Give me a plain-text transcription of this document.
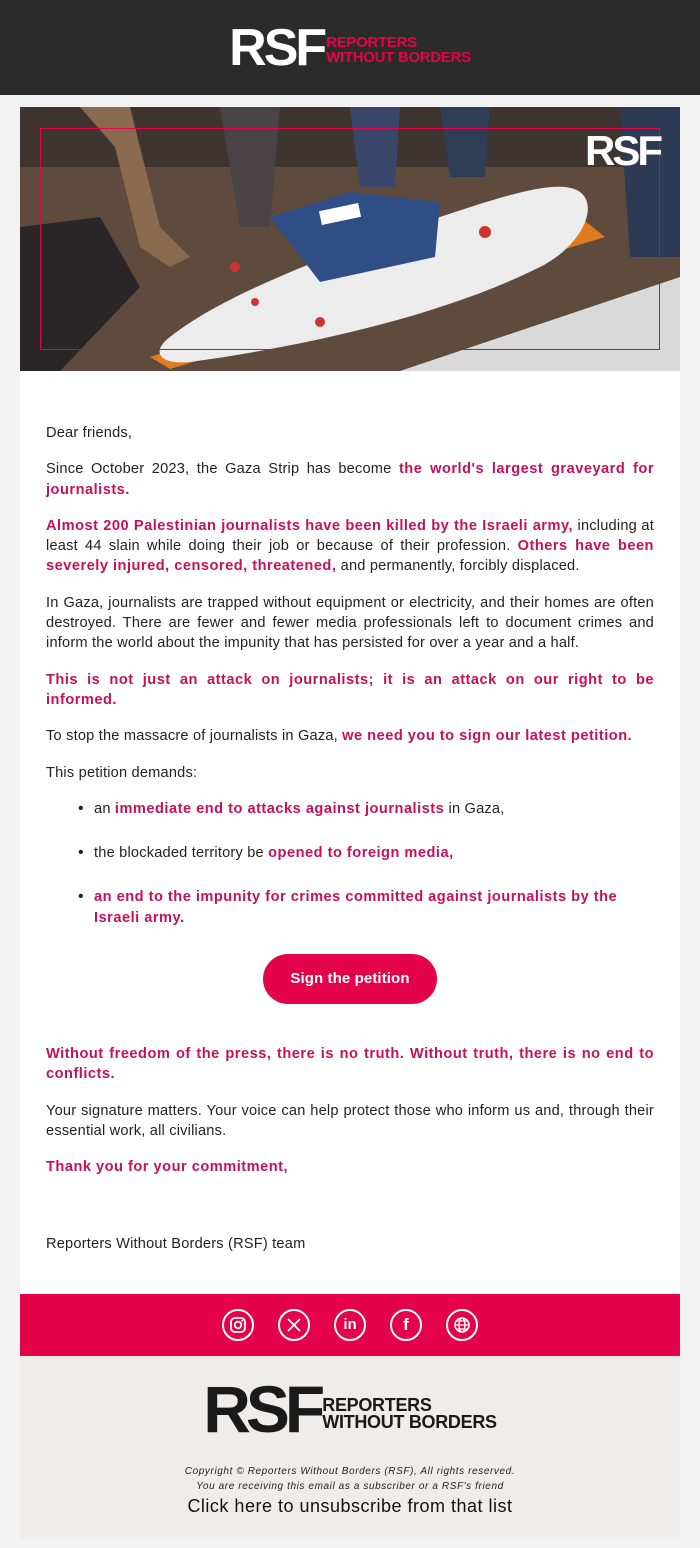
RSF REPORTERS
WITHOUT BORDERS
RSF

Dear friends,

Since October 2023, the Gaza Strip has become the world's largest graveyard for journalists.

Almost 200 Palestinian journalists have been killed by the Israeli army, including at least 44 slain while doing their job or because of their profession. Others have been severely injured, censored, threatened, and permanently, forcibly displaced.

In Gaza, journalists are trapped without equipment or electricity, and their homes are often destroyed. There are fewer and fewer media professionals left to document crimes and inform the world about the impunity that has persisted for over a year and a half.

This is not just an attack on journalists; it is an attack on our right to be informed.

To stop the massacre of journalists in Gaza, we need you to sign our latest petition.

This petition demands:

• an immediate end to attacks against journalists in Gaza,
• the blockaded territory be opened to foreign media,
• an end to the impunity for crimes committed against journalists by the Israeli army.
Sign the petition

Without freedom of the press, there is no truth. Without truth, there is no end to conflicts.

Your signature matters. Your voice can help protect those who inform us and, through their essential work, all civilians.

Thank you for your commitment,

Reporters Without Borders (RSF) team

in	f
RSF REPORTERS
WITHOUT BORDERS
Copyright © Reporters Without Borders (RSF), All rights reserved.
You are receiving this email as a subscriber or a RSF's friend
Click here to unsubscribe from that list
